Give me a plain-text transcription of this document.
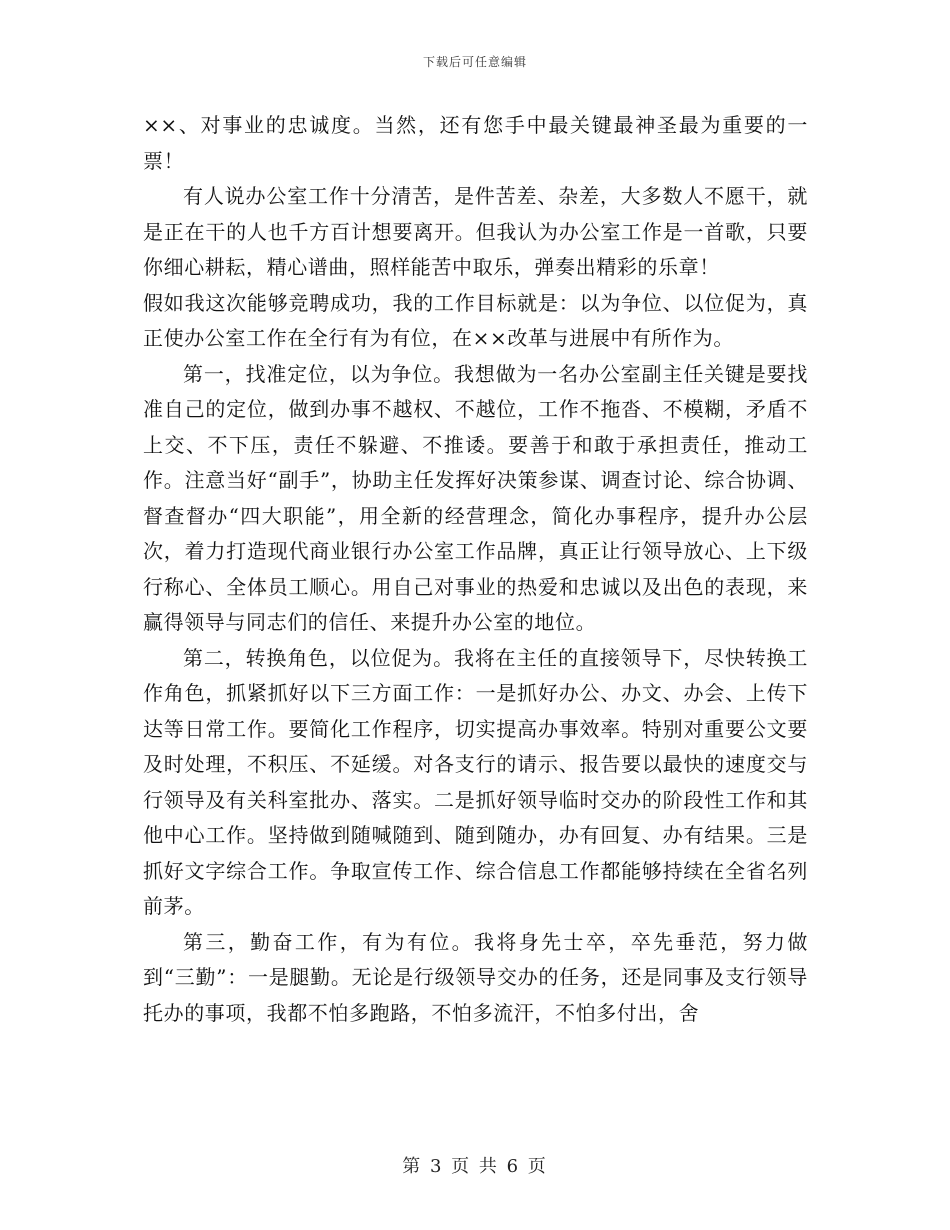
下载后可任意编辑

××、对事业的忠诚度。当然，还有您手中最关键最神圣最为重要的一票！

有人说办公室工作十分清苦，是件苦差、杂差，大多数人不愿干，就是正在干的人也千方百计想要离开。但我认为办公室工作是一首歌，只要你细心耕耘，精心谱曲，照样能苦中取乐，弹奏出精彩的乐章！

假如我这次能够竞聘成功，我的工作目标就是：以为争位、以位促为，真正使办公室工作在全行有为有位，在××改革与进展中有所作为。

第一，找准定位，以为争位。我想做为一名办公室副主任关键是要找准自己的定位，做到办事不越权、不越位，工作不拖沓、不模糊，矛盾不上交、不下压，责任不躲避、不推诿。要善于和敢于承担责任，推动工作。注意当好“副手”，协助主任发挥好决策参谋、调查讨论、综合协调、督查督办“四大职能”，用全新的经营理念，简化办事程序，提升办公层次，着力打造现代商业银行办公室工作品牌，真正让行领导放心、上下级行称心、全体员工顺心。用自己对事业的热爱和忠诚以及出色的表现，来赢得领导与同志们的信任、来提升办公室的地位。

第二，转换角色，以位促为。我将在主任的直接领导下，尽快转换工作角色，抓紧抓好以下三方面工作：一是抓好办公、办文、办会、上传下达等日常工作。要简化工作程序，切实提高办事效率。特别对重要公文要及时处理，不积压、不延缓。对各支行的请示、报告要以最快的速度交与行领导及有关科室批办、落实。二是抓好领导临时交办的阶段性工作和其他中心工作。坚持做到随喊随到、随到随办，办有回复、办有结果。三是抓好文字综合工作。争取宣传工作、综合信息工作都能够持续在全省名列前茅。

第三，勤奋工作，有为有位。我将身先士卒，卒先垂范，努力做到“三勤”：一是腿勤。无论是行级领导交办的任务，还是同事及支行领导托办的事项，我都不怕多跑路，不怕多流汗，不怕多付出，舍

第 3 页 共 6 页
